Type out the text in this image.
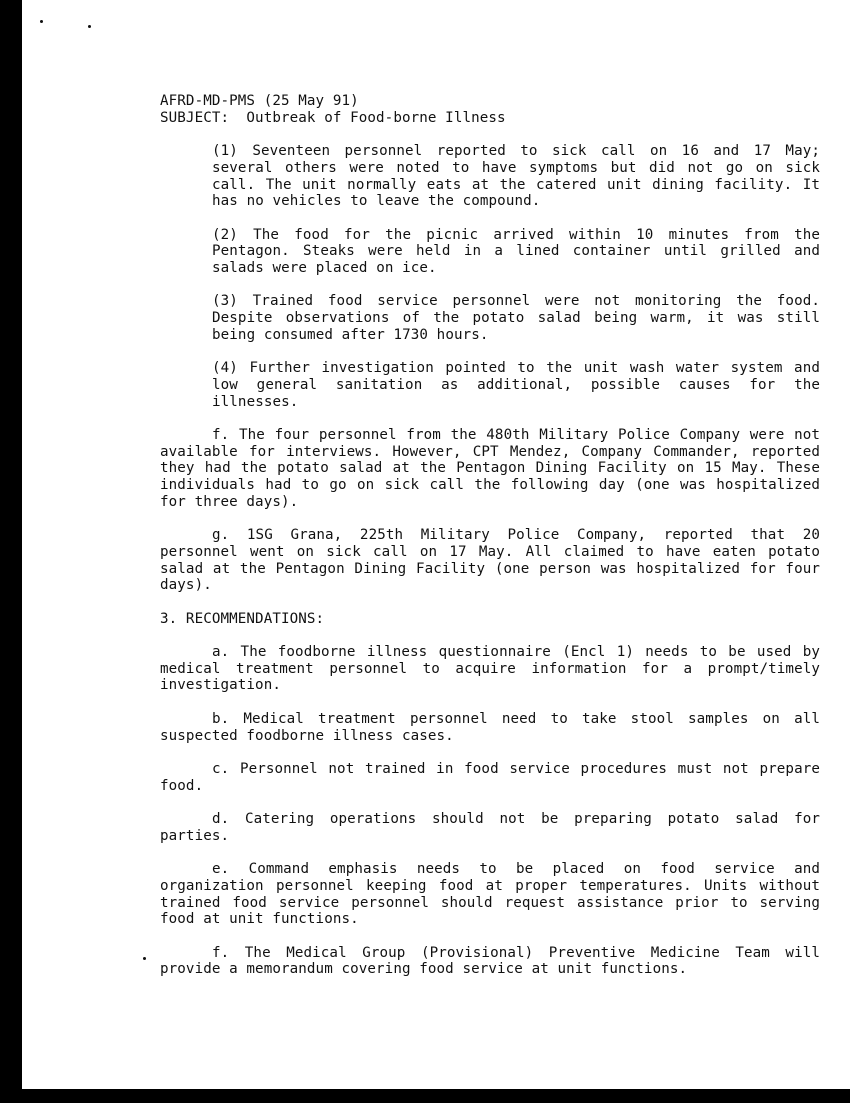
AFRD-MD-PMS (25 May 91)
SUBJECT:  Outbreak of Food-borne Illness

(1) Seventeen personnel reported to sick call on 16 and 17 May; several others were noted to have symptoms but did not go on sick call. The unit normally eats at the catered unit dining facility. It has no vehicles to leave the compound.

(2) The food for the picnic arrived within 10 minutes from the Pentagon. Steaks were held in a lined container until grilled and salads were placed on ice.

(3) Trained food service personnel were not monitoring the food. Despite observations of the potato salad being warm, it was still being consumed after 1730 hours.

(4) Further investigation pointed to the unit wash water system and low general sanitation as additional, possible causes for the illnesses.

f. The four personnel from the 480th Military Police Company were not available for interviews. However, CPT Mendez, Company Commander, reported they had the potato salad at the Pentagon Dining Facility on 15 May. These individuals had to go on sick call the following day (one was hospitalized for three days).

g. 1SG Grana, 225th Military Police Company, reported that 20 personnel went on sick call on 17 May. All claimed to have eaten potato salad at the Pentagon Dining Facility (one person was hospitalized for four days).

3. RECOMMENDATIONS:

a. The foodborne illness questionnaire (Encl 1) needs to be used by medical treatment personnel to acquire information for a prompt/timely investigation.

b. Medical treatment personnel need to take stool samples on all suspected foodborne illness cases.

c. Personnel not trained in food service procedures must not prepare food.

d. Catering operations should not be preparing potato salad for parties.

e. Command emphasis needs to be placed on food service and organization personnel keeping food at proper temperatures. Units without trained food service personnel should request assistance prior to serving food at unit functions.

f. The Medical Group (Provisional) Preventive Medicine Team will provide a memorandum covering food service at unit functions.
